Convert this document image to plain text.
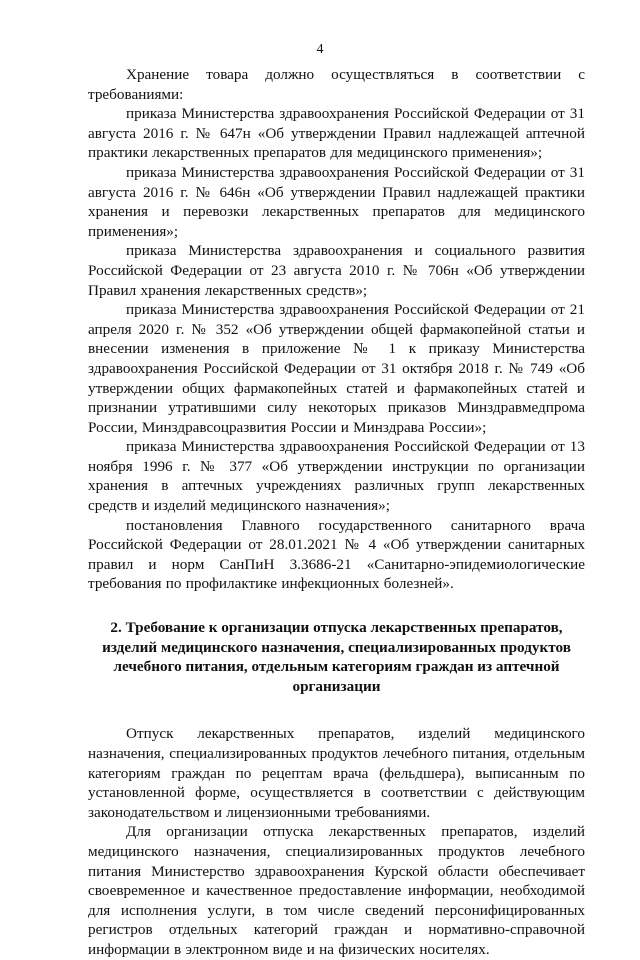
4

Хранение товара должно осуществляться в соответствии с требованиями:

приказа Министерства здравоохранения Российской Федерации от 31 августа 2016 г. № 647н «Об утверждении Правил надлежащей аптечной практики лекарственных препаратов для медицинского применения»;

приказа Министерства здравоохранения Российской Федерации от 31 августа 2016 г. № 646н «Об утверждении Правил надлежащей практики хранения и перевозки лекарственных препаратов для медицинского применения»;

приказа Министерства здравоохранения и социального развития Российской Федерации от 23 августа 2010 г. № 706н «Об утверждении Правил хранения лекарственных средств»;

приказа Министерства здравоохранения Российской Федерации от 21 апреля 2020 г. № 352 «Об утверждении общей фармакопейной статьи и внесении изменения в приложение № 1 к приказу Министерства здравоохранения Российской Федерации от 31 октября 2018 г. № 749 «Об утверждении общих фармакопейных статей и фармакопейных статей и признании утратившими силу некоторых приказов Минздравмедпрома России, Минздравсоцразвития России и Минздрава России»;

приказа Министерства здравоохранения Российской Федерации от 13 ноября 1996 г. № 377 «Об утверждении инструкции по организации хранения в аптечных учреждениях различных групп лекарственных средств и изделий медицинского назначения»;

постановления Главного государственного санитарного врача Российской Федерации от 28.01.2021 № 4 «Об утверждении санитарных правил и норм СанПиН 3.3686-21 «Санитарно-эпидемиологические требования по профилактике инфекционных болезней».

2. Требование к организации отпуска лекарственных препаратов, изделий медицинского назначения, специализированных продуктов лечебного питания, отдельным категориям граждан из аптечной организации

Отпуск лекарственных препаратов, изделий медицинского назначения, специализированных продуктов лечебного питания, отдельным категориям граждан по рецептам врача (фельдшера), выписанным по установленной форме, осуществляется в соответствии с действующим законодательством и лицензионными требованиями.

Для организации отпуска лекарственных препаратов, изделий медицинского назначения, специализированных продуктов лечебного питания Министерство здравоохранения Курской области обеспечивает своевременное и качественное предоставление информации, необходимой для исполнения услуги, в том числе сведений персонифицированных регистров отдельных категорий граждан и нормативно-справочной информации в электронном виде и на физических носителях.
